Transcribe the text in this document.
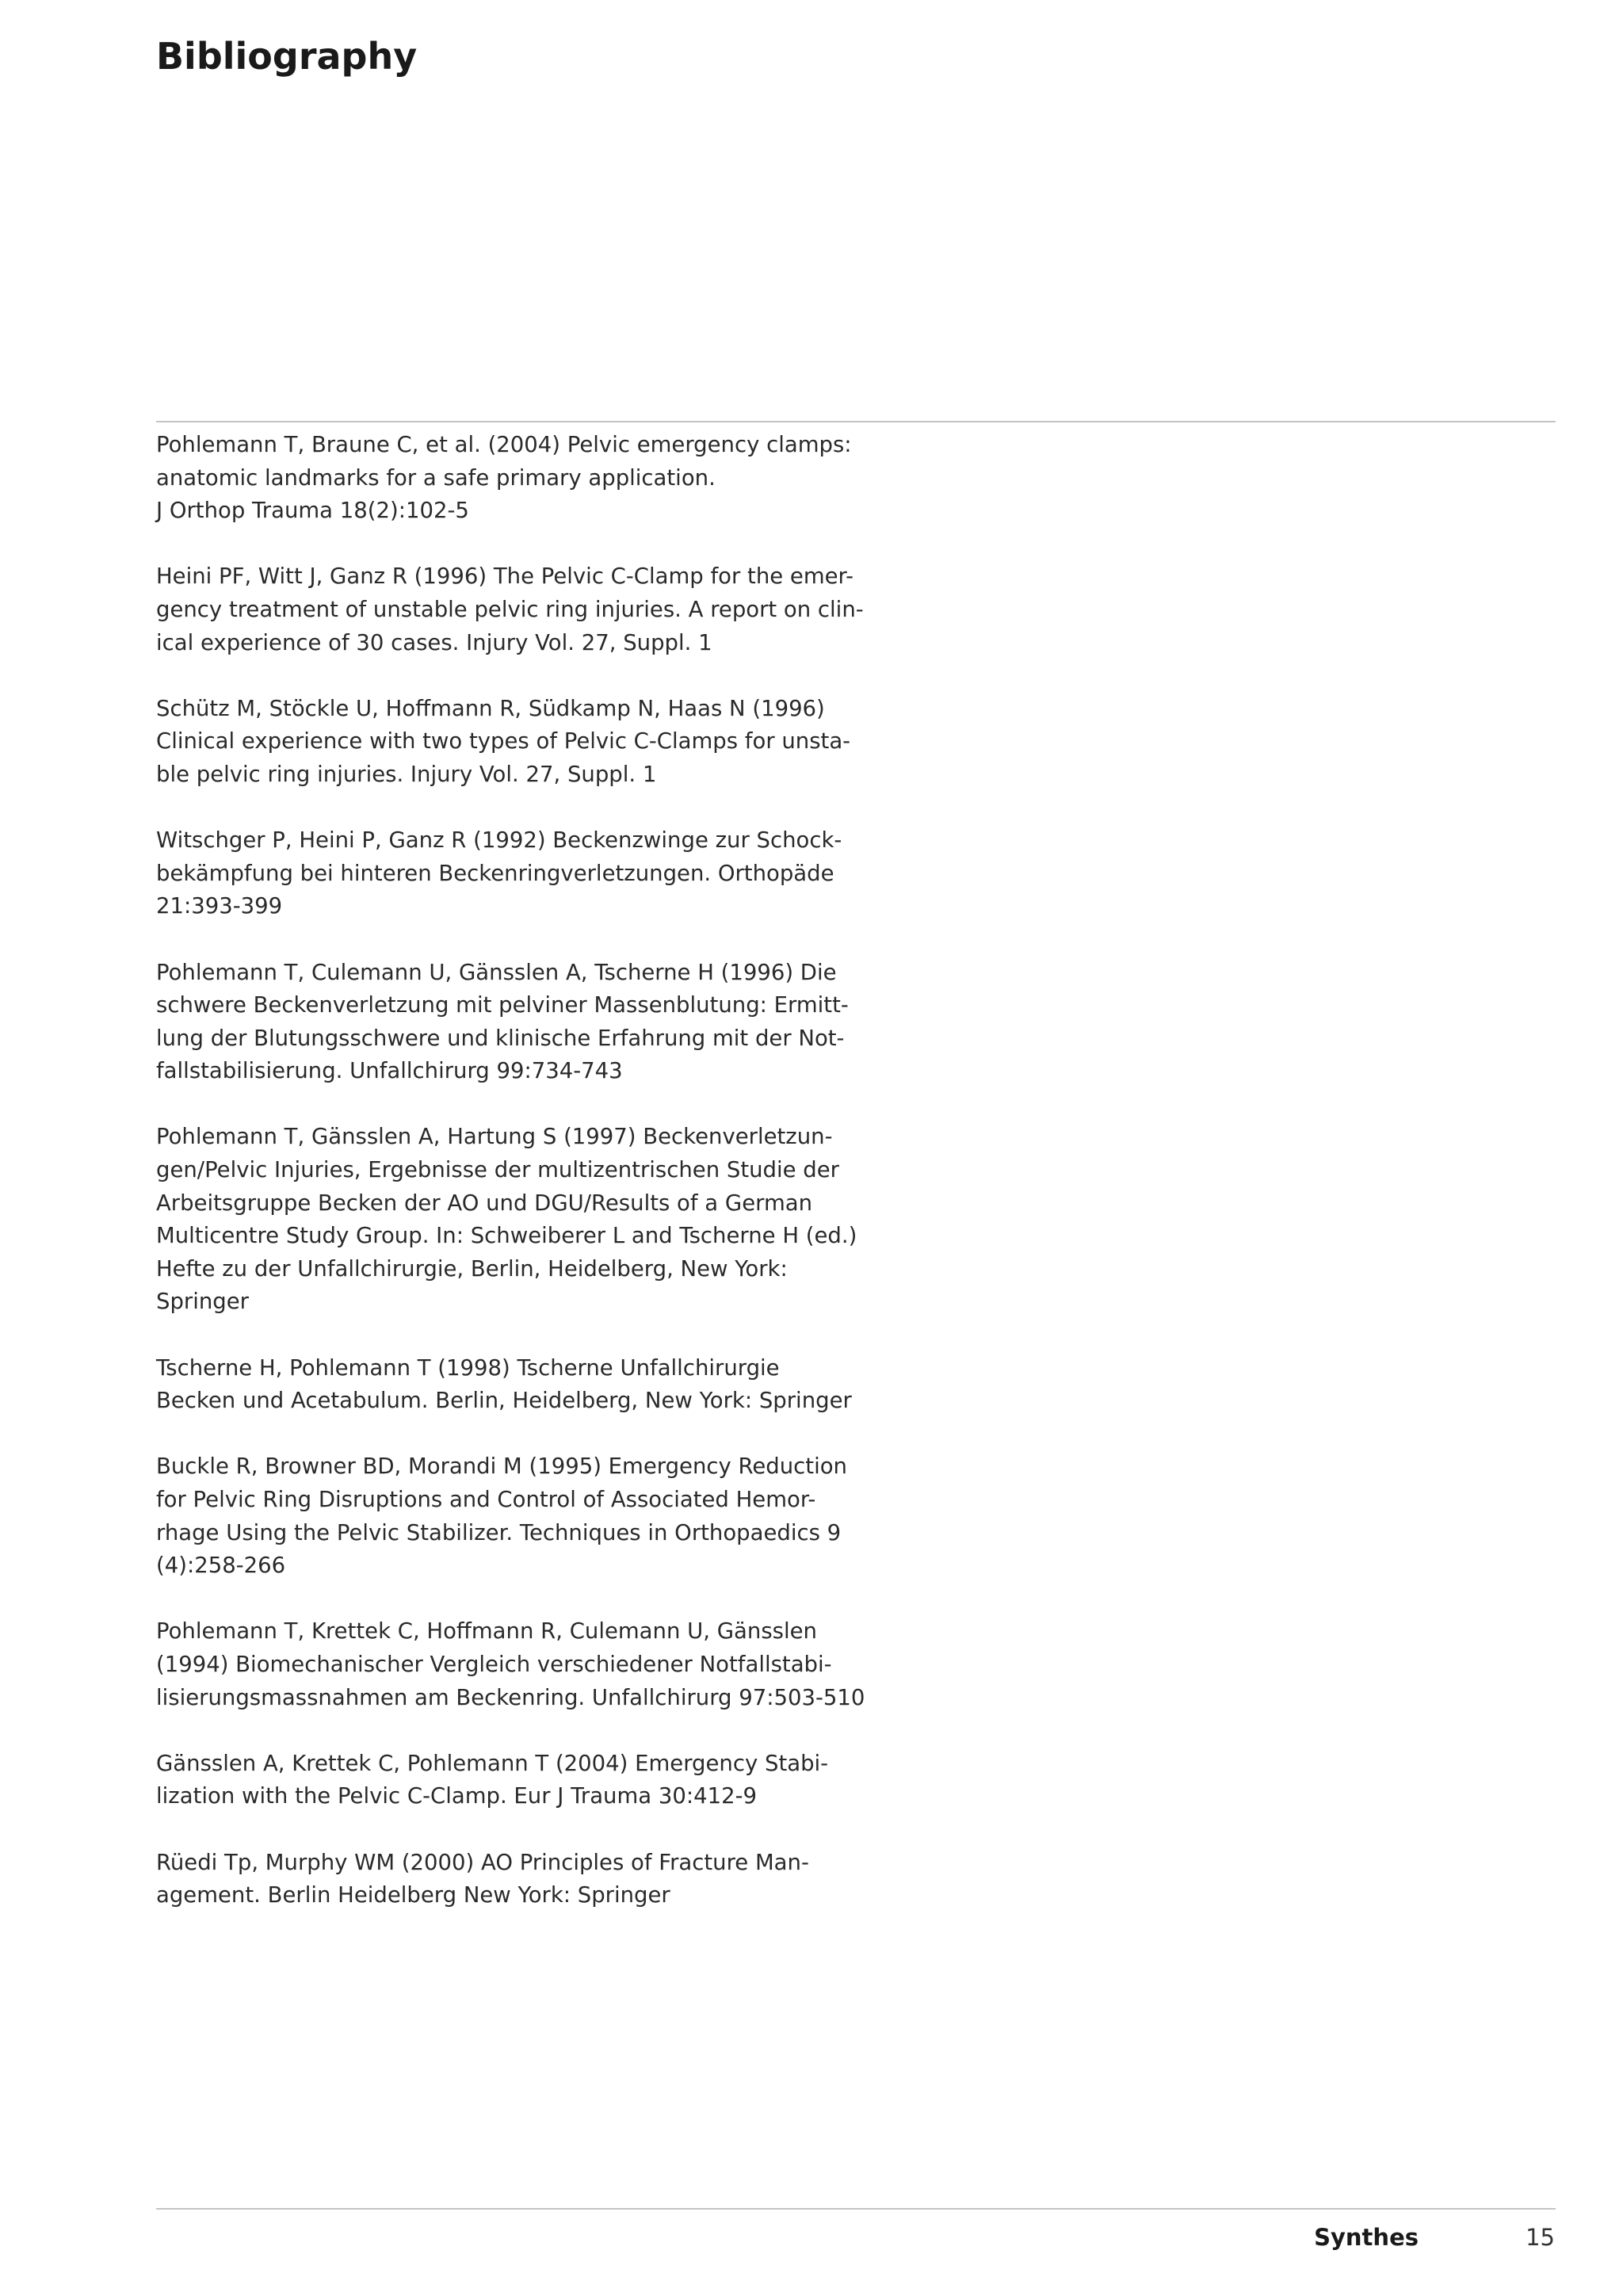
Bibliography
Pohlemann T, Braune C, et al. (2004) Pelvic emergency clamps:
anatomic landmarks for a safe primary application.
J Orthop Trauma 18(2):102-5
Heini PF, Witt J, Ganz R (1996) The Pelvic C-Clamp for the emer-
gency treatment of unstable pelvic ring injuries. A report on clin-
ical experience of 30 cases. Injury Vol. 27, Suppl. 1
Schütz M, Stöckle U, Hoffmann R, Südkamp N, Haas N (1996)
Clinical experience with two types of Pelvic C-Clamps for unsta-
ble pelvic ring injuries. Injury Vol. 27, Suppl. 1
Witschger P, Heini P, Ganz R (1992) Beckenzwinge zur Schock-
bekämpfung bei hinteren Beckenringverletzungen. Orthopäde
21:393-399
Pohlemann T, Culemann U, Gänsslen A, Tscherne H (1996) Die
schwere Beckenverletzung mit pelviner Massenblutung: Ermitt-
lung der Blutungsschwere und klinische Erfahrung mit der Not-
fallstabilisierung. Unfallchirurg 99:734-743
Pohlemann T, Gänsslen A, Hartung S (1997) Beckenverletzun-
gen/Pelvic Injuries, Ergebnisse der multizentrischen Studie der
Arbeitsgruppe Becken der AO und DGU/Results of a German
Multicentre Study Group. In: Schweiberer L and Tscherne H (ed.)
Hefte zu der Unfallchirurgie, Berlin, Heidelberg, New York:
Springer
Tscherne H, Pohlemann T (1998) Tscherne Unfallchirurgie
Becken und Acetabulum. Berlin, Heidelberg, New York: Springer
Buckle R, Browner BD, Morandi M (1995) Emergency Reduction
for Pelvic Ring Disruptions and Control of Associated Hemor-
rhage Using the Pelvic Stabilizer. Techniques in Orthopaedics 9
(4):258-266
Pohlemann T, Krettek C, Hoffmann R, Culemann U, Gänsslen
(1994) Biomechanischer Vergleich verschiedener Notfallstabi-
lisierungsmassnahmen am Beckenring. Unfallchirurg 97:503-510
Gänsslen A, Krettek C, Pohlemann T (2004) Emergency Stabi-
lization with the Pelvic C-Clamp. Eur J Trauma 30:412-9
Rüedi Tp, Murphy WM (2000) AO Principles of Fracture Man-
agement. Berlin Heidelberg New York: Springer
Synthes	15
